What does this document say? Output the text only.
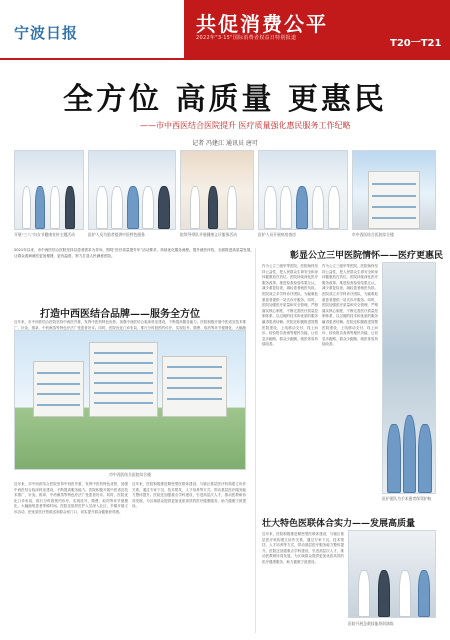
宁波日报	共促消费公平
2022年"3·15"国际消费者权益日特别报道	T20一T21
全方位 高质量 更惠民
——市中西医结合医院提升 医疗质量强化惠民服务工作纪略
记者 冯建江 通讯员 唐可
开展“三八”妇女节健康宣传主题活动	医护人员为患者提供中医特色服务	院领导带队开展健康义诊服务活动	医护人员开展病房查房	市中西医结合医院综合楼
2021年以来，市中西医结合医院坚持以患者需求为导向，围绕“医疗质量提升年”活动要求，持续优化服务流程，提升就医体验，全面推进高质量发展，让群众看病就医更加便捷、更有温度，努力打造人民满意医院。
打造中西医结合品牌——服务全方位
近年来，市中西医结合医院坚持中西医并重，发挥中医药特色优势，加强中西医结合临床科室建设，不断提高服务能力。医院积极开展中医适宜技术推广，针灸、推拿、中药熏蒸等特色疗法广受患者好评。同时，医院优化门诊布局，推行分时段预约诊疗，实现挂号、缴费、取药等环节便捷化，大幅缩
市中西医结合医院综合楼
近年来，市中西医结合医院坚持中西医并重，发挥中医药特色优势，加强中西医结合临床科室建设，不断提高服务能力。医院积极开展中医适宜技术推广，针灸、推拿、中药熏蒸等特色疗法广受患者好评。同时，医院优化门诊布局，推行分时段预约诊疗，实现挂号、缴费、取药等环节便捷化，大幅缩短患者等候时间。医院还组织医护人员深入社区、乡镇开展义诊活动，把优质医疗资源送到群众家门口，切实提升群众健康获得感。
近年来，医院积极推进紧密型医联体建设，与辖区基层医疗机构建立协作关系，通过专家下沉、技术帮扶、人才培养等方式，带动基层医疗服务能力整体提升。医院还加强重点学科建设，引进高层次人才，推动医教研协同发展，为区域群众提供更加优质高效的医疗健康服务，助力健康宁波建设。
彰显公立三甲医院情怀——医疗更惠民
作为公立三级甲等医院，医院始终坚持公益性，把人民群众生命安全和身体健康放在首位。医院持续深化医疗服务改革，推进检查检验结果互认，减少重复检查，减轻患者就医负担。医院成立多学科诊疗团队，为疑难危重患者提供一站式诊疗服务。同时，医院加强医疗质量和安全管理，严格落实核心制度，不断完善医疗质量控制体系，以过硬的技术和优质的服务赢得患者信赖。医院还积极推进智慧医院建设，上线移动支付、线上问诊、检验报告查询等便民功能，让信息多跑路、群众少跑腿，就医体验持续改善。
作为公立三级甲等医院，医院始终坚持公益性，把人民群众生命安全和身体健康放在首位。医院持续深化医疗服务改革，推进检查检验结果互认，减少重复检查，减轻患者就医负担。医院成立多学科诊疗团队，为疑难危重患者提供一站式诊疗服务。同时，医院加强医疗质量和安全管理，严格落实核心制度，不断完善医疗质量控制体系，以过硬的技术和优质的服务赢得患者信赖。医院还积极推进智慧医院建设，上线移动支付、线上问诊、检验报告查询等便民功能，让信息多跑路、群众少跑腿，就医体验持续改善。
医护团队为手术患者保驾护航
壮大特色医联体合实力——发展高质量
近年来，医院积极推进紧密型医联体建设，与辖区基层医疗机构建立协作关系，通过专家下沉、技术帮扶、人才培养等方式，带动基层医疗服务能力整体提升。医院还加强重点学科建设，引进高层次人才，推动医教研协同发展，为区域群众提供更加优质高效的医疗健康服务，助力健康宁波建设。
医院开展急救技能培训演练
